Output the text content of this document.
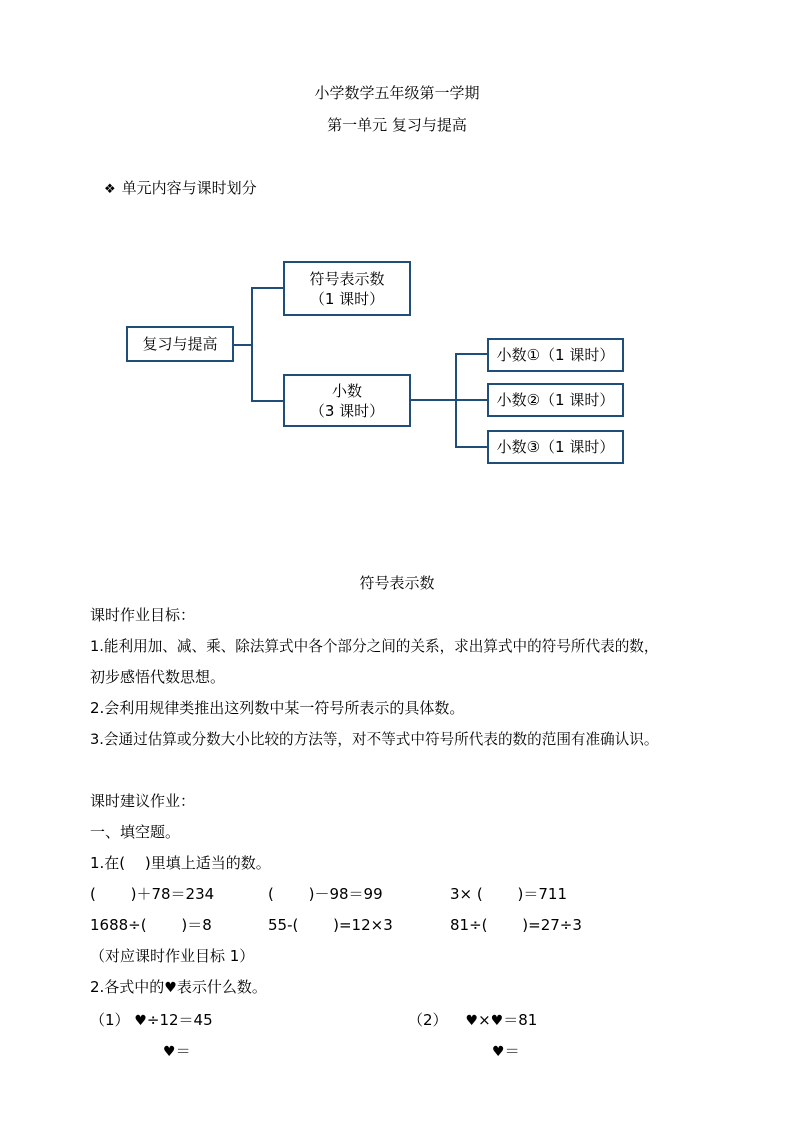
小学数学五年级第一学期
第一单元 复习与提高
❖ 单元内容与课时划分
复习与提高
符号表示数
（1 课时）
小数
（3 课时）
小数①（1 课时）
小数②（1 课时）
小数③（1 课时）
符号表示数
课时作业目标：
1.能利用加、减、乘、除法算式中各个部分之间的关系，求出算式中的符号所代表的数，
初步感悟代数思想。
2.会利用规律类推出这列数中某一符号所表示的具体数。
3.会通过估算或分数大小比较的方法等，对不等式中符号所代表的数的范围有准确认识。
课时建议作业：
一、填空题。
1.在(　 )里填上适当的数。
(　　 )＋78＝234	(　　 )－98＝99	3× (　　 )＝711
1688÷(　　 )＝8	55-(　　 )=12×3	81÷(　　 )=27÷3
（对应课时作业目标 1）
2.各式中的♥表示什么数。
（1） ♥÷12＝45	（2） ♥×♥＝81
♥＝	♥＝
